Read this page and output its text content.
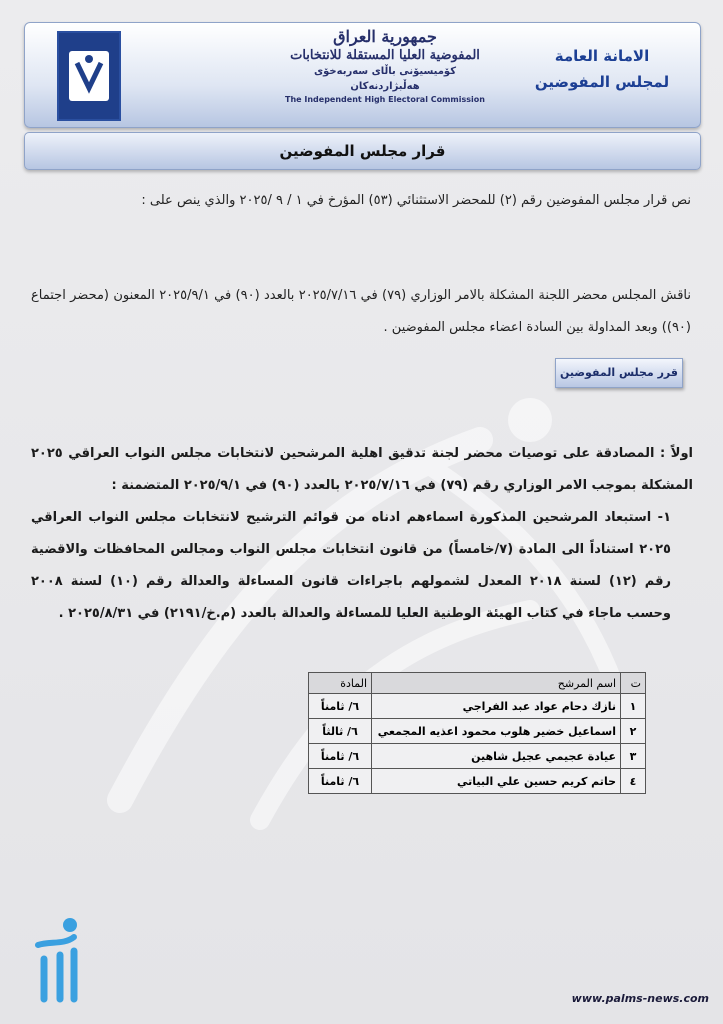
جمهورية العراق
المفوضية العليا المستقلة للانتخابات
كۆمیسیۆنى باڵای سەربەخۆى هەڵبژاردنەكان
The Independent High Electoral Commission
الامانة العامة
لمجلس المفوضين
قرار مجلس المفوضين
نص قرار مجلس المفوضين رقم (٢) للمحضر الاستثنائي (٥٣) المؤرخ في ١ / ٩ /٢٠٢٥ والذي ينص على :
ناقش المجلس محضر اللجنة المشكلة بالامر الوزاري (٧٩) في ٢٠٢٥/٧/١٦ بالعدد (٩٠) في ٢٠٢٥/٩/١ المعنون (محضر اجتماع (٩٠)) وبعد المداولة بين السادة اعضاء مجلس المفوضين .
قرر مجلس المفوضين
اولاً : المصادقة على توصيات محضر لجنة تدقيق اهلية المرشحين لانتخابات مجلس النواب العراقي ٢٠٢٥ المشكلة بموجب الامر الوزاري رقم (٧٩) في ٢٠٢٥/٧/١٦ بالعدد (٩٠) في ٢٠٢٥/٩/١ المتضمنة :
١- استبعاد المرشحين المذكورة اسماءهم ادناه من قوائم الترشيح لانتخابات مجلس النواب العراقي ٢٠٢٥ استناداً الى المادة (٧/خامساً) من قانون انتخابات مجلس النواب ومجالس المحافظات والاقضية رقم (١٢) لسنة ٢٠١٨ المعدل لشمولهم باجراءات قانون المساءلة والعدالة رقم (١٠) لسنة ٢٠٠٨ وحسب ماجاء في كتاب الهيئة الوطنية العليا للمساءلة والعدالة بالعدد (م.خ/٢١٩١) في ٢٠٢٥/٨/٣١ .
ت	اسم المرشح	المادة
١	نازك دحام عواد عبد الفراجي	٦/ ثامناً
٢	اسماعيل خضير هلوب محمود اعذيه المجمعي	٦/ ثالثاً
٣	عيادة عجيمي عجيل شاهين	٦/ ثامناً
٤	حاتم كريم حسين علي البياتي	٦/ ثامناً
www.palms-news.com
